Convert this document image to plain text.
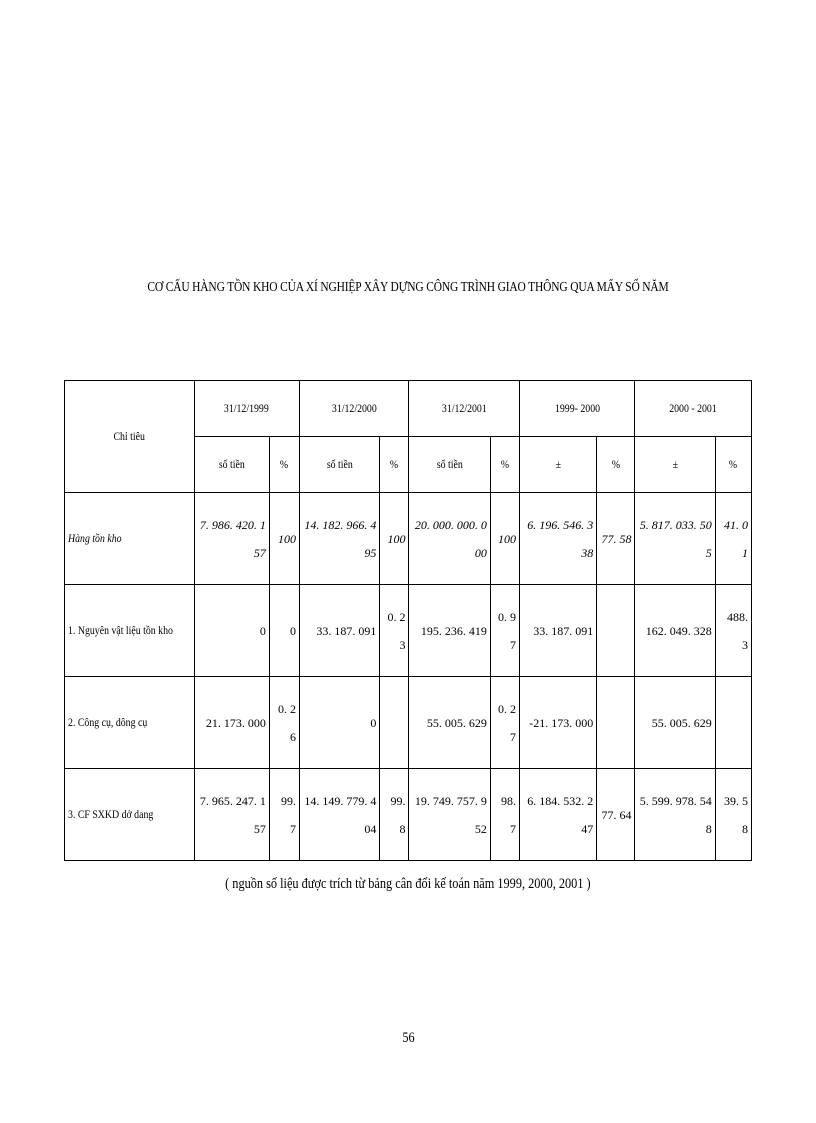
CƠ CẤU HÀNG TỒN KHO CỦA XÍ NGHIỆP XÂY DỰNG CÔNG TRÌNH GIAO THÔNG QUA MẤY SỐ NĂM
Chỉ tiêu	31/12/1999		31/12/2000		31/12/2001		1999- 2000		2000 - 2001	
	số tiền	%	số tiền	%	số tiền	%	±	%	±	%
Hàng tồn kho	7. 986. 420. 157	100	14. 182. 966. 495	100	20. 000. 000. 000	100	6. 196. 546. 338	77. 58	5. 817. 033. 505	41. 01
1. Nguyên vật liệu tồn kho	0	0	33. 187. 091	0. 23	195. 236. 419	0. 97	33. 187. 091		162. 049. 328	488. 3
2. Công cụ, dông cụ	21. 173. 000	0. 26	0		55. 005. 629	0. 27	-21. 173. 000		55. 005. 629	
3. CF SXKD dở dang	7. 965. 247. 157	99. 7	14. 149. 779. 404	99. 8	19. 749. 757. 952	98. 7	6. 184. 532. 247	77. 64	5. 599. 978. 548	39. 58
( nguồn số liệu được trích từ bảng cân đối kế toán năm 1999, 2000, 2001 )
56
